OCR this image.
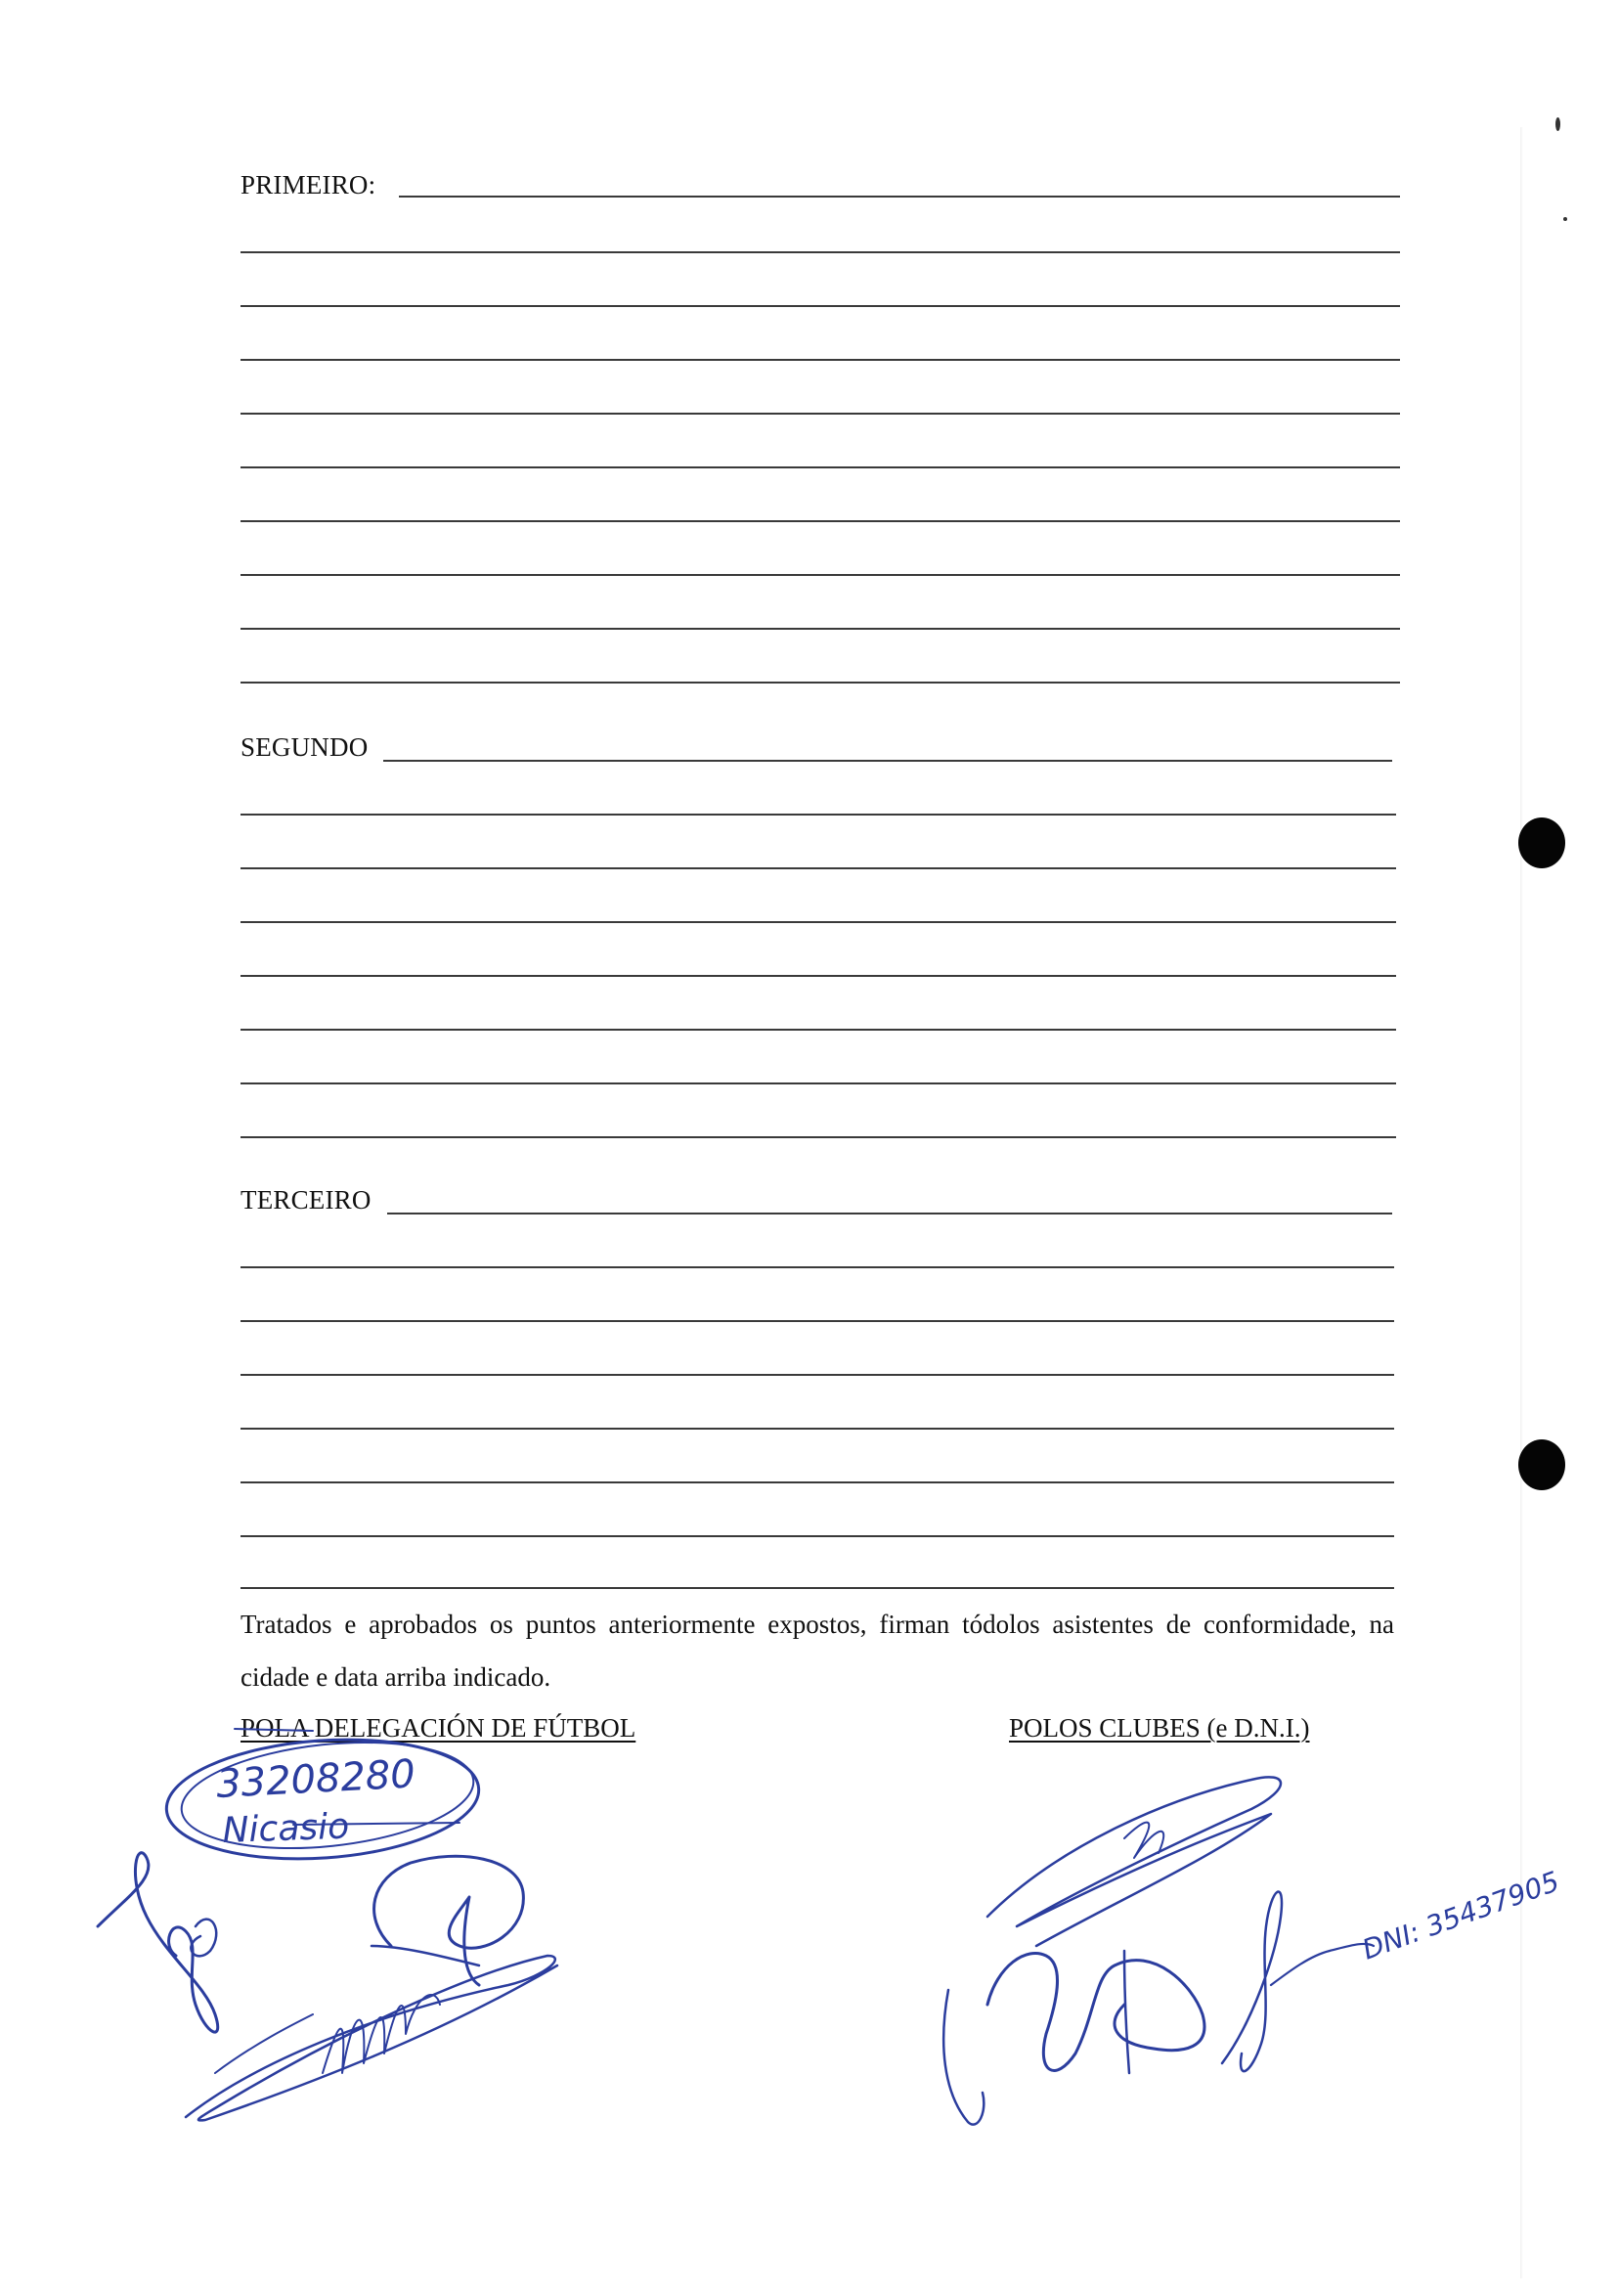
PRIMEIRO:
SEGUNDO
TERCEIRO
Tratados e aprobados os puntos anteriormente expostos, firman tódolos asistentes de conformidade, na cidade e data arriba indicado.
POLA DELEGACIÓN DE FÚTBOL	POLOS CLUBES (e D.N.I.)
33208280
Nicasio
DNI: 35437905
